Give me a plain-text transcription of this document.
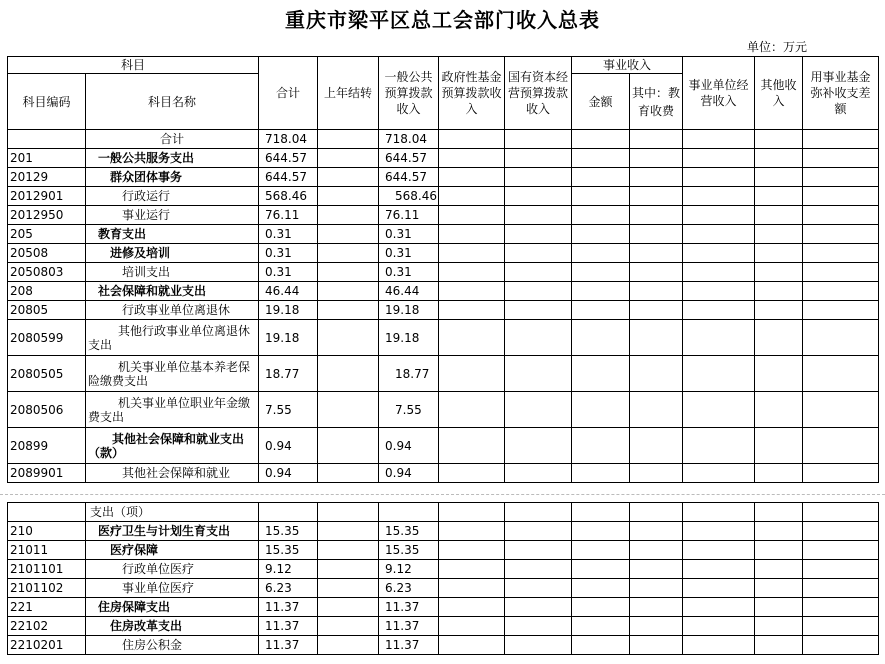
重庆市梁平区总工会部门收入总表
单位：万元
科目		合计	上年结转	一般公共预算拨款收入	政府性基金预算拨款收入	国有资本经营预算拨款收入	事业收入		事业单位经营收入	其他收入	用事业基金弥补收支差额
科目编码	科目名称						金额	其中：教育收费			
	合计	718.04		718.04							
201	一般公共服务支出	644.57		644.57							
20129	群众团体事务	644.57		644.57							
2012901	行政运行	568.46		568.46							
2012950	事业运行	76.11		76.11							
205	教育支出	0.31		0.31							
20508	进修及培训	0.31		0.31							
2050803	培训支出	0.31		0.31							
208	社会保障和就业支出	46.44		46.44							
20805	行政事业单位离退休	19.18		19.18							
2080599	其他行政事业单位离退休支出	19.18		19.18							
2080505	机关事业单位基本养老保险缴费支出	18.77		18.77							
2080506	机关事业单位职业年金缴费支出	7.55		7.55							
20899	其他社会保障和就业支出（款）	0.94		0.94							
2089901	其他社会保障和就业	0.94		0.94							
	支出（项）										
210	医疗卫生与计划生育支出	15.35		15.35							
21011	医疗保障	15.35		15.35							
2101101	行政单位医疗	9.12		9.12							
2101102	事业单位医疗	6.23		6.23							
221	住房保障支出	11.37		11.37							
22102	住房改革支出	11.37		11.37							
2210201	住房公积金	11.37		11.37							
